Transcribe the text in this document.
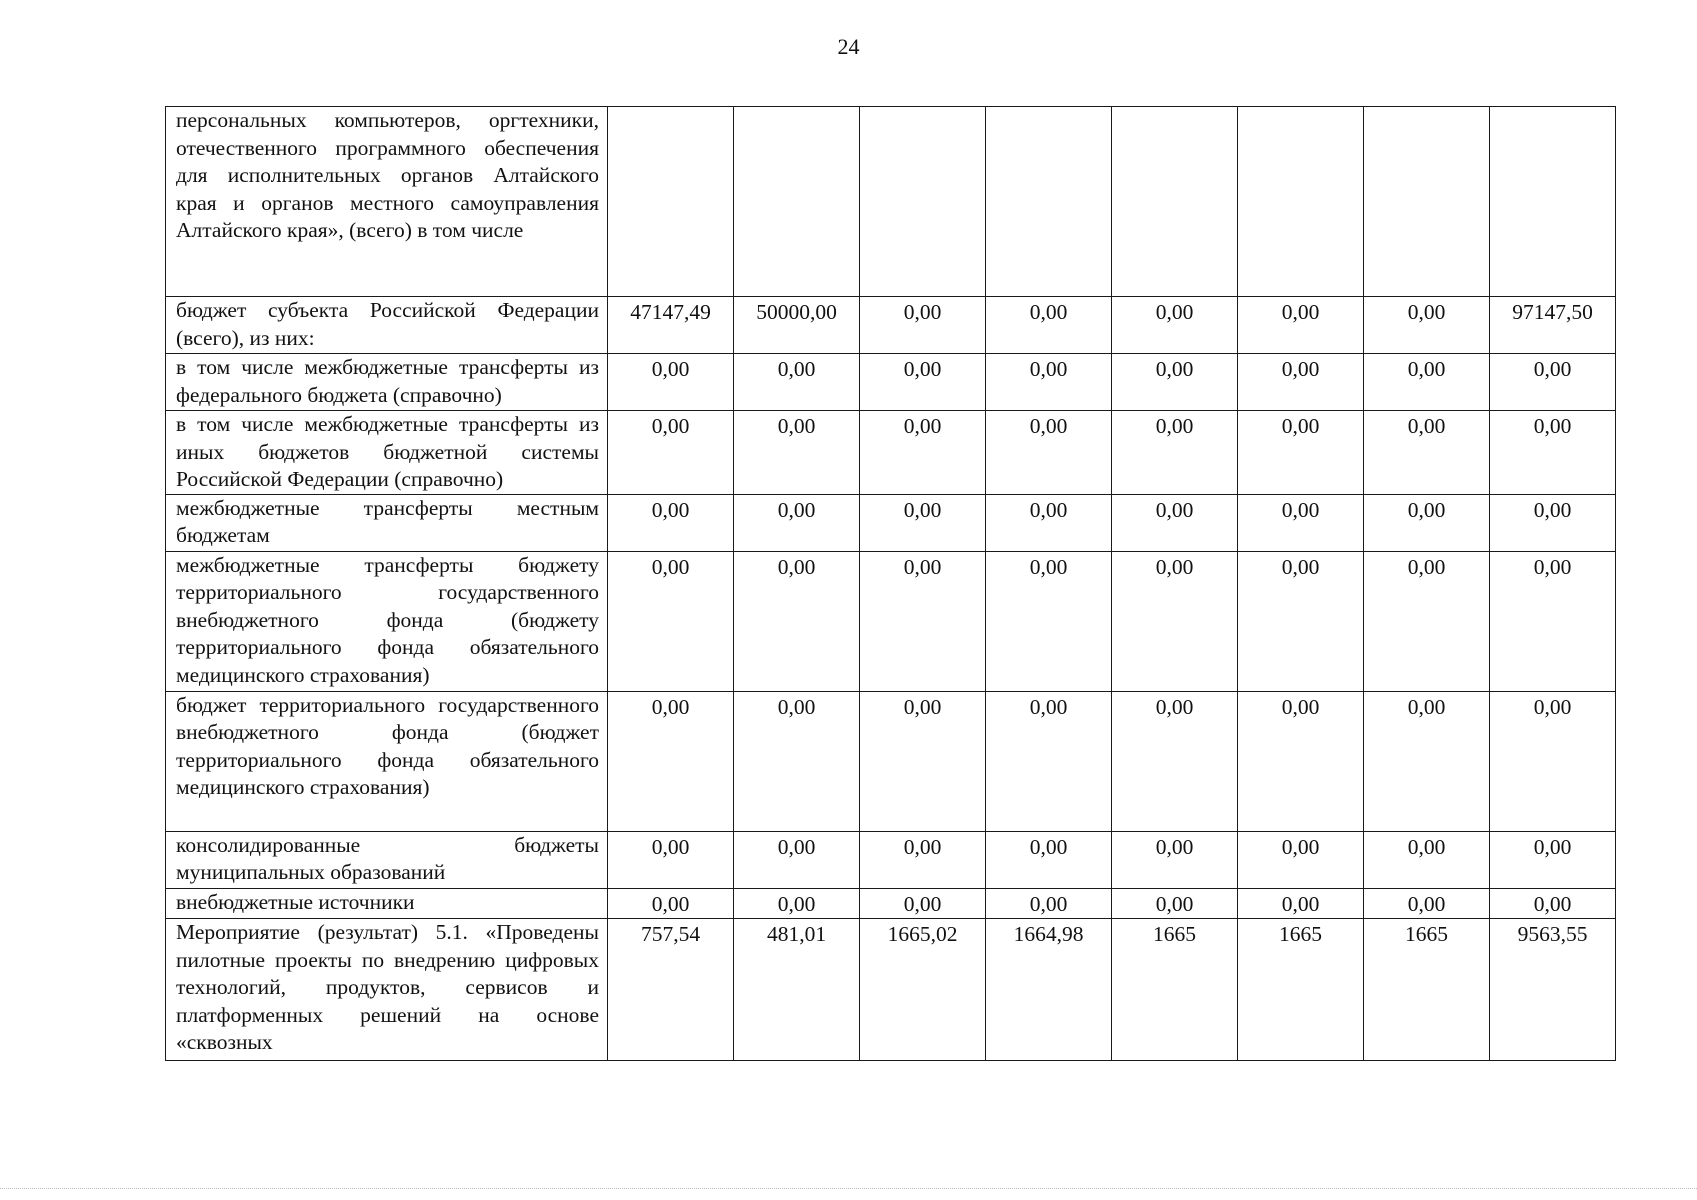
24
персональных компьютеров, оргтехники, отечественного программного обеспечения для исполнительных органов Алтайского края и органов местного самоуправления Алтайского края», (всего) в том числе								
бюджет субъекта Российской Федерации (всего), из них:	47147,49	50000,00	0,00	0,00	0,00	0,00	0,00	97147,50
в том числе межбюджетные трансферты из федерального бюджета (справочно)	0,00	0,00	0,00	0,00	0,00	0,00	0,00	0,00
в том числе межбюджетные трансферты из иных бюджетов бюджетной системы Российской Федерации (справочно)	0,00	0,00	0,00	0,00	0,00	0,00	0,00	0,00
межбюджетные трансферты местным бюджетам	0,00	0,00	0,00	0,00	0,00	0,00	0,00	0,00
межбюджетные трансферты бюджету территориального государственного внебюджетного фонда (бюджету территориального фонда обязательного медицинского страхования)	0,00	0,00	0,00	0,00	0,00	0,00	0,00	0,00
бюджет территориального государственного внебюджетного фонда (бюджет территориального фонда обязательного медицинского страхования)	0,00	0,00	0,00	0,00	0,00	0,00	0,00	0,00
консолидированные бюджеты муниципальных образований	0,00	0,00	0,00	0,00	0,00	0,00	0,00	0,00
внебюджетные источники	0,00	0,00	0,00	0,00	0,00	0,00	0,00	0,00
Мероприятие (результат) 5.1. «Проведены пилотные проекты по внедрению цифровых технологий, продуктов, сервисов и платформенных решений на основе «сквозных	757,54	481,01	1665,02	1664,98	1665	1665	1665	9563,55
